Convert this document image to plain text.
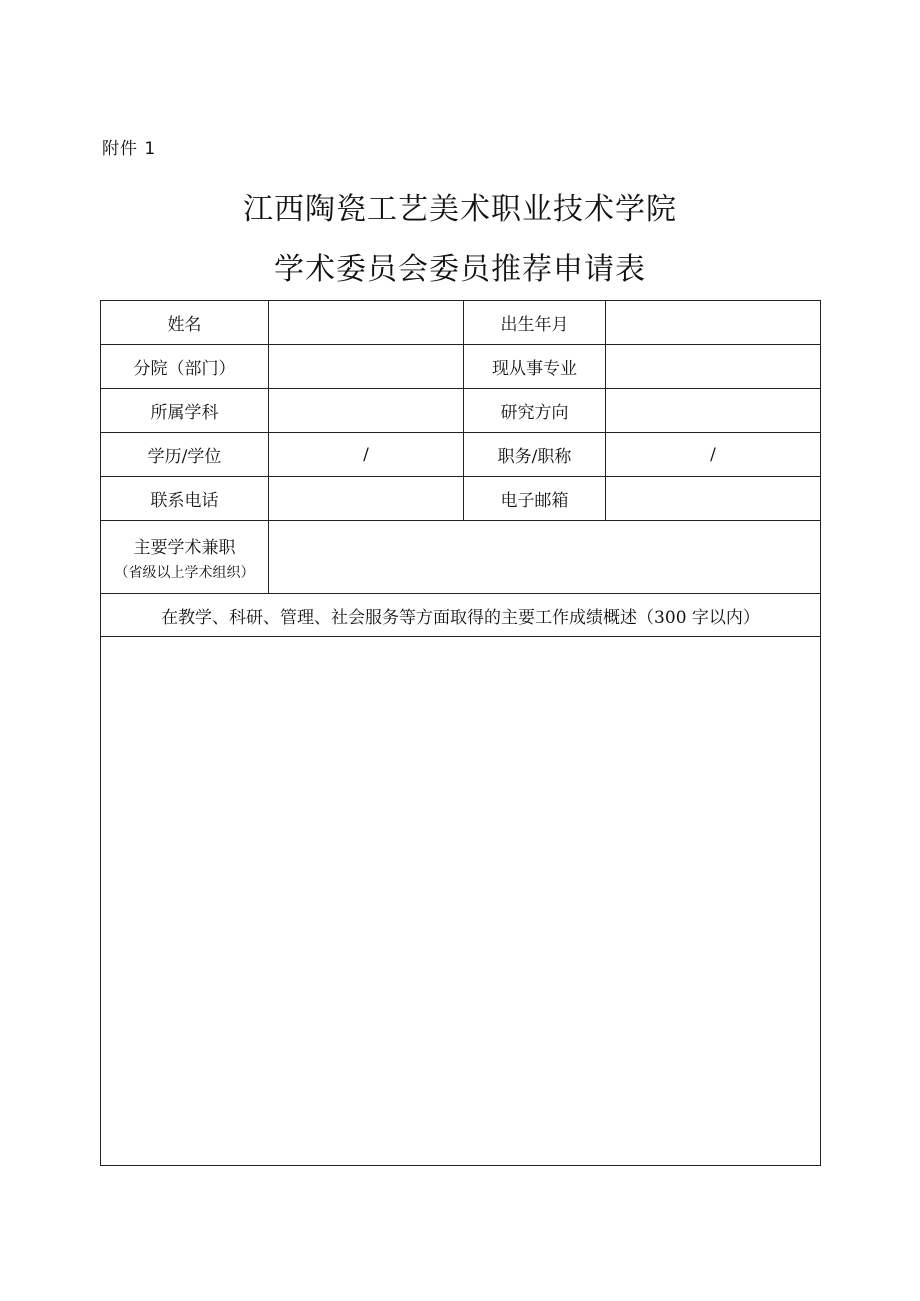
附件 1
江西陶瓷工艺美术职业技术学院
学术委员会委员推荐申请表
姓名		出生年月	
分院（部门）		现从事专业	
所属学科		研究方向	
学历/学位	/	职务/职称	/
联系电话		电子邮箱	
主要学术兼职
（省级以上学术组织）			

在教学、科研、管理、社会服务等方面取得的主要工作成绩概述（300 字以内）			
